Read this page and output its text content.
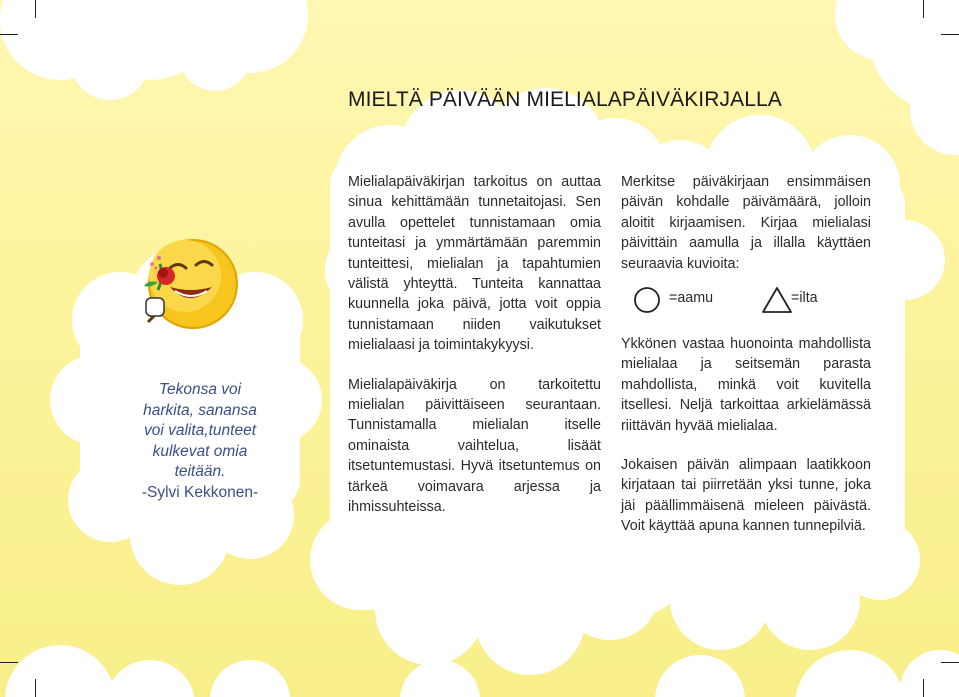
MIELTÄ PÄIVÄÄN MIELIALAPÄIVÄKIRJALLA
Tekonsa voi
harkita, sanansa
voi valita,tunteet
kulkevat omia
teitään.
-Sylvi Kekkonen-

Mielialapäiväkirjan tarkoitus on auttaa sinua kehittämään tunnetaitojasi. Sen avulla opettelet tunnistamaan omia tunteitasi ja ymmärtämään paremmin tunteittesi, mielialan ja tapahtumien välistä yhteyttä. Tunteita kannattaa kuunnella joka päivä, jotta voit oppia tunnistamaan niiden vaikutukset mielialaasi ja toimintakykyysi.

Mielialapäiväkirja on tarkoitettu mielialan päivittäiseen seurantaan. Tunnistamalla mielialan itselle ominaista vaihtelua, lisäät itsetuntemustasi. Hyvä itsetuntemus on tärkeä voimavara arjessa ja ihmissuhteissa.

Merkitse päiväkirjaan ensimmäisen päivän kohdalle päivämäärä, jolloin aloitit kirjaamisen. Kirjaa mielialasi päivittäin aamulla ja illalla käyttäen seuraavia kuvioita:

Ykkönen vastaa huonointa mahdollista mielialaa ja seitsemän parasta mahdollista, minkä voit kuvitella itsellesi. Neljä tarkoittaa arkielämässä riittävän hyvää mielialaa.

Jokaisen päivän alimpaan laatikkoon kirjataan tai piirretään yksi tunne, joka jäi päällimmäisenä mieleen päivästä. Voit käyttää apuna kannen tunnepilviä.

=aamu	=ilta
